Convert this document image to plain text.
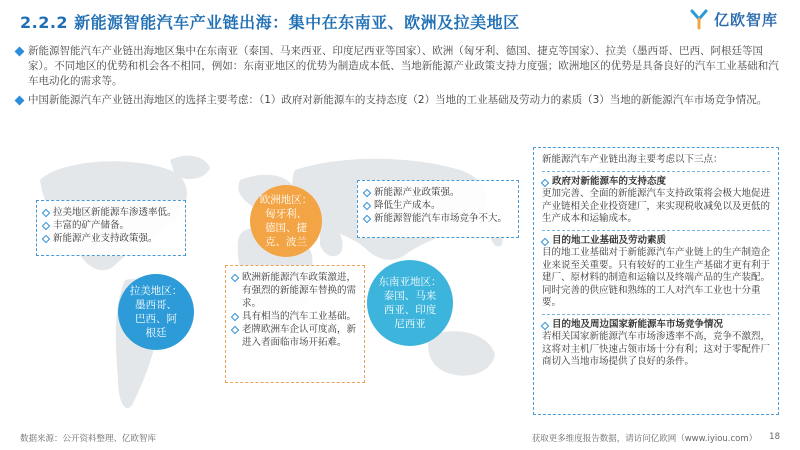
2.2.2 新能源智能汽车产业链出海：集中在东南亚、欧洲及拉美地区	亿欧智库
新能源智能汽车产业链出海地区集中在东南亚（泰国、马来西亚、印度尼西亚等国家）、欧洲（匈牙利、德国、捷克等国家）、拉美（墨西哥、巴西、阿根廷等国家）。不同地区的优势和机会各不相同，例如：东南亚地区的优势为制造成本低、当地新能源产业政策支持力度强；欧洲地区的优势是具备良好的汽车工业基础和汽车电动化的需求等。
中国新能源汽车产业链出海地区的选择主要考虑：（1）政府对新能源车的支持态度（2）当地的工业基础及劳动力的素质（3）当地的新能源汽车市场竞争情况。
拉美地区新能源车渗透率低。
丰富的矿产储备。
新能源产业支持政策强。
拉美地区：
墨西哥、
巴西、阿
根廷
欧洲地区：
匈牙利、
德国、捷
克、波兰
欧洲新能源汽车政策激进，有强烈的新能源车替换的需求。
具有相当的汽车工业基础。
老牌欧洲车企认可度高，新进入者面临市场开拓难。
新能源产业政策强。
降低生产成本。
新能源智能汽车市场竞争不大。
东南亚地区：
泰国、马来
西亚、印度
尼西亚
新能源汽车产业链出海主要考虑以下三点：
政府对新能源车的支持态度
更加完善、全面的新能源汽车支持政策将会极大地促进产业链相关企业投资建厂，来实现税收减免以及更低的生产成本和运输成本。
目的地工业基础及劳动素质
目的地工业基础对于新能源汽车产业链上的生产制造企业来说至关重要。只有较好的工业生产基础才更有利于建厂、原材料的制造和运输以及终端产品的生产装配。同时完善的供应链和熟练的工人对汽车工业也十分重要。
目的地及周边国家新能源车市场竞争情况
若相关国家新能源汽车市场渗透率不高，竞争不激烈，这将对主机厂快速占领市场十分有利；这对于零配件厂商切入当地市场提供了良好的条件。
数据来源：公开资料整理、亿欧智库	获取更多维度报告数据，请访问亿欧网（www.iyiou.com） 18
